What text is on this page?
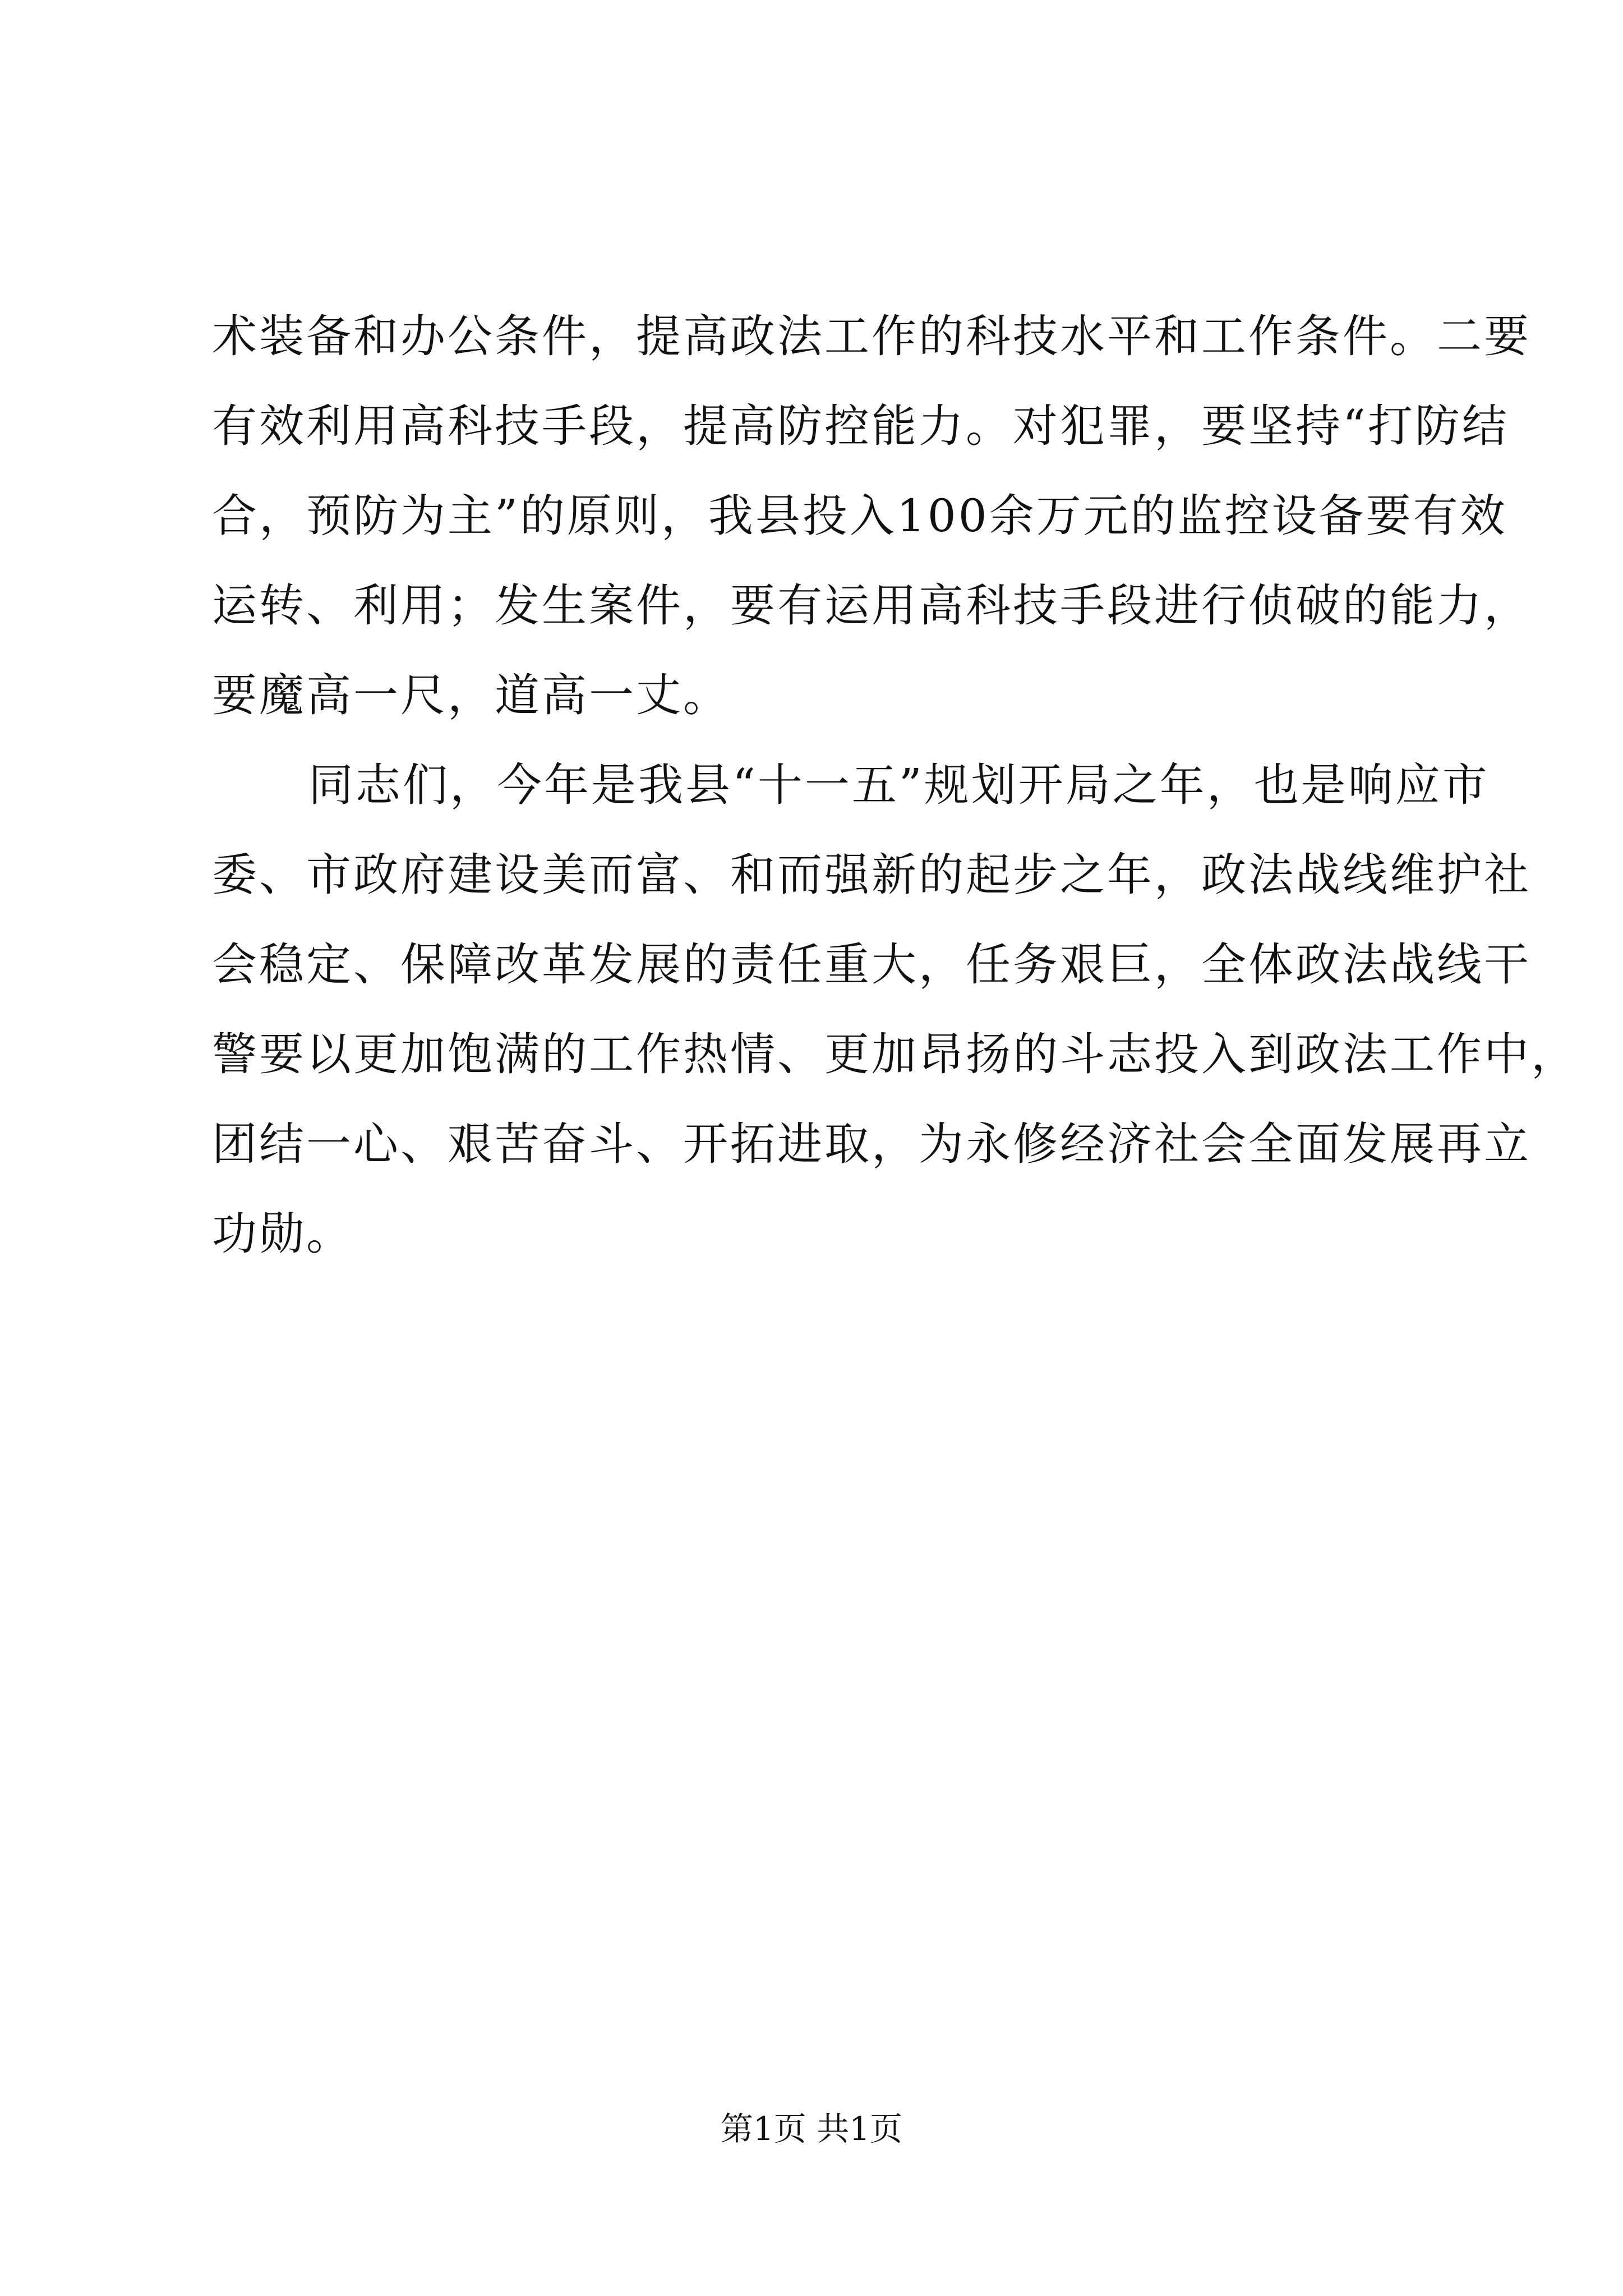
术装备和办公条件，提高政法工作的科技水平和工作条件。二要
有效利用高科技手段，提高防控能力。对犯罪，要坚持“打防结
合，预防为主”的原则，我县投入100余万元的监控设备要有效
运转、利用；发生案件，要有运用高科技手段进行侦破的能力，
要魔高一尺，道高一丈。
同志们，今年是我县“十一五”规划开局之年，也是响应市
委、市政府建设美而富、和而强新的起步之年，政法战线维护社
会稳定、保障改革发展的责任重大，任务艰巨，全体政法战线干
警要以更加饱满的工作热情、更加昂扬的斗志投入到政法工作中，
团结一心、艰苦奋斗、开拓进取，为永修经济社会全面发展再立
功勋。
第1页 共1页
